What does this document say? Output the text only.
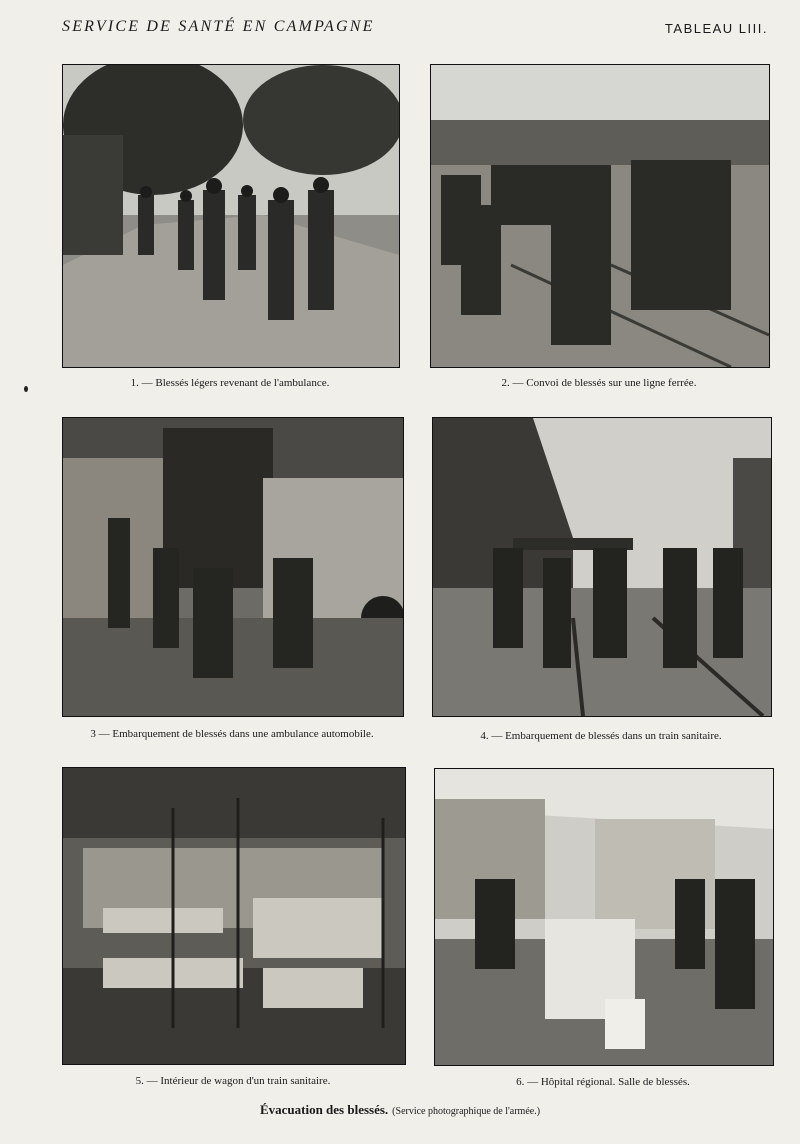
SERVICE DE SANTÉ EN CAMPAGNE	TABLEAU LIII.
1. — Blessés légers revenant de l'ambulance.	2. — Convoi de blessés sur une ligne ferrée.
3 — Embarquement de blessés dans une ambulance automobile.	4. — Embarquement de blessés dans un train sanitaire.
5. — Intérieur de wagon d'un train sanitaire.	6. — Hôpital régional. Salle de blessés.
Évacuation des blessés. (Service photographique de l'armée.)
